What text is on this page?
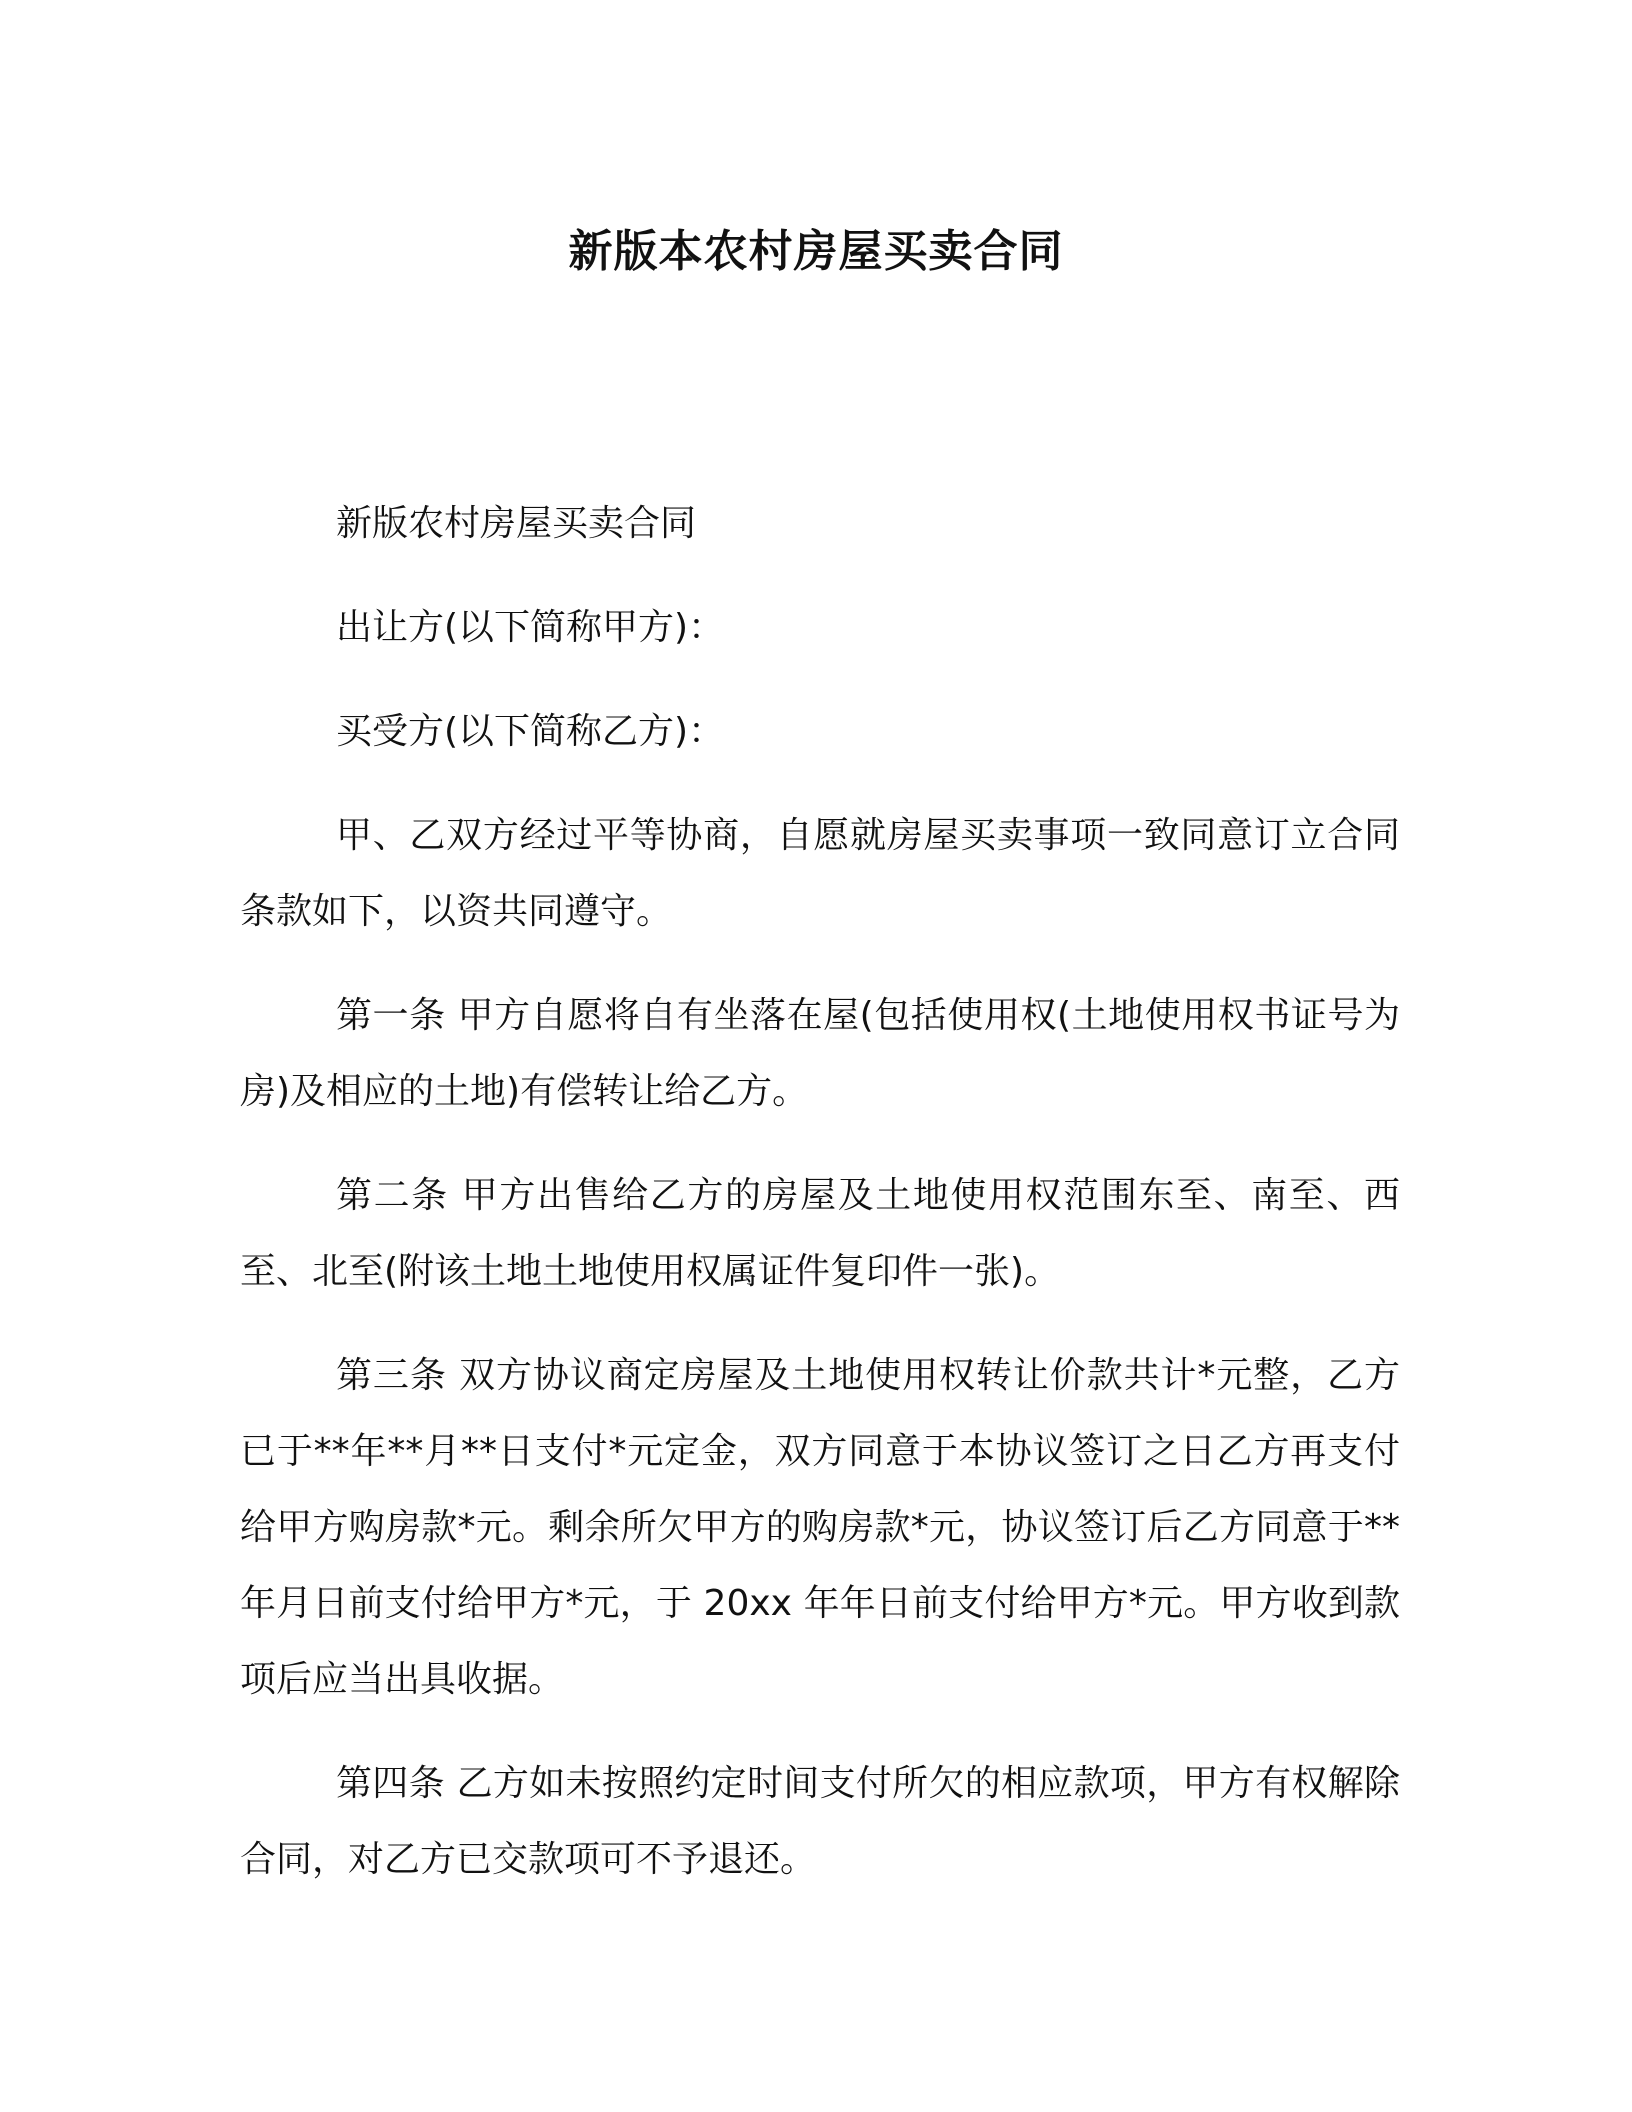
新版本农村房屋买卖合同

新版农村房屋买卖合同

出让方(以下简称甲方)：

买受方(以下简称乙方)：

甲、乙双方经过平等协商，自愿就房屋买卖事项一致同意订立合同条款如下，以资共同遵守。

第一条 甲方自愿将自有坐落在屋(包括使用权(土地使用权书证号为房)及相应的土地)有偿转让给乙方。

第二条 甲方出售给乙方的房屋及土地使用权范围东至、南至、西至、北至(附该土地土地使用权属证件复印件一张)。

第三条 双方协议商定房屋及土地使用权转让价款共计*元整，乙方已于**年**月**日支付*元定金，双方同意于本协议签订之日乙方再支付给甲方购房款*元。剩余所欠甲方的购房款*元，协议签订后乙方同意于**年月日前支付给甲方*元，于 20xx 年年日前支付给甲方*元。甲方收到款项后应当出具收据。

第四条 乙方如未按照约定时间支付所欠的相应款项，甲方有权解除合同，对乙方已交款项可不予退还。
